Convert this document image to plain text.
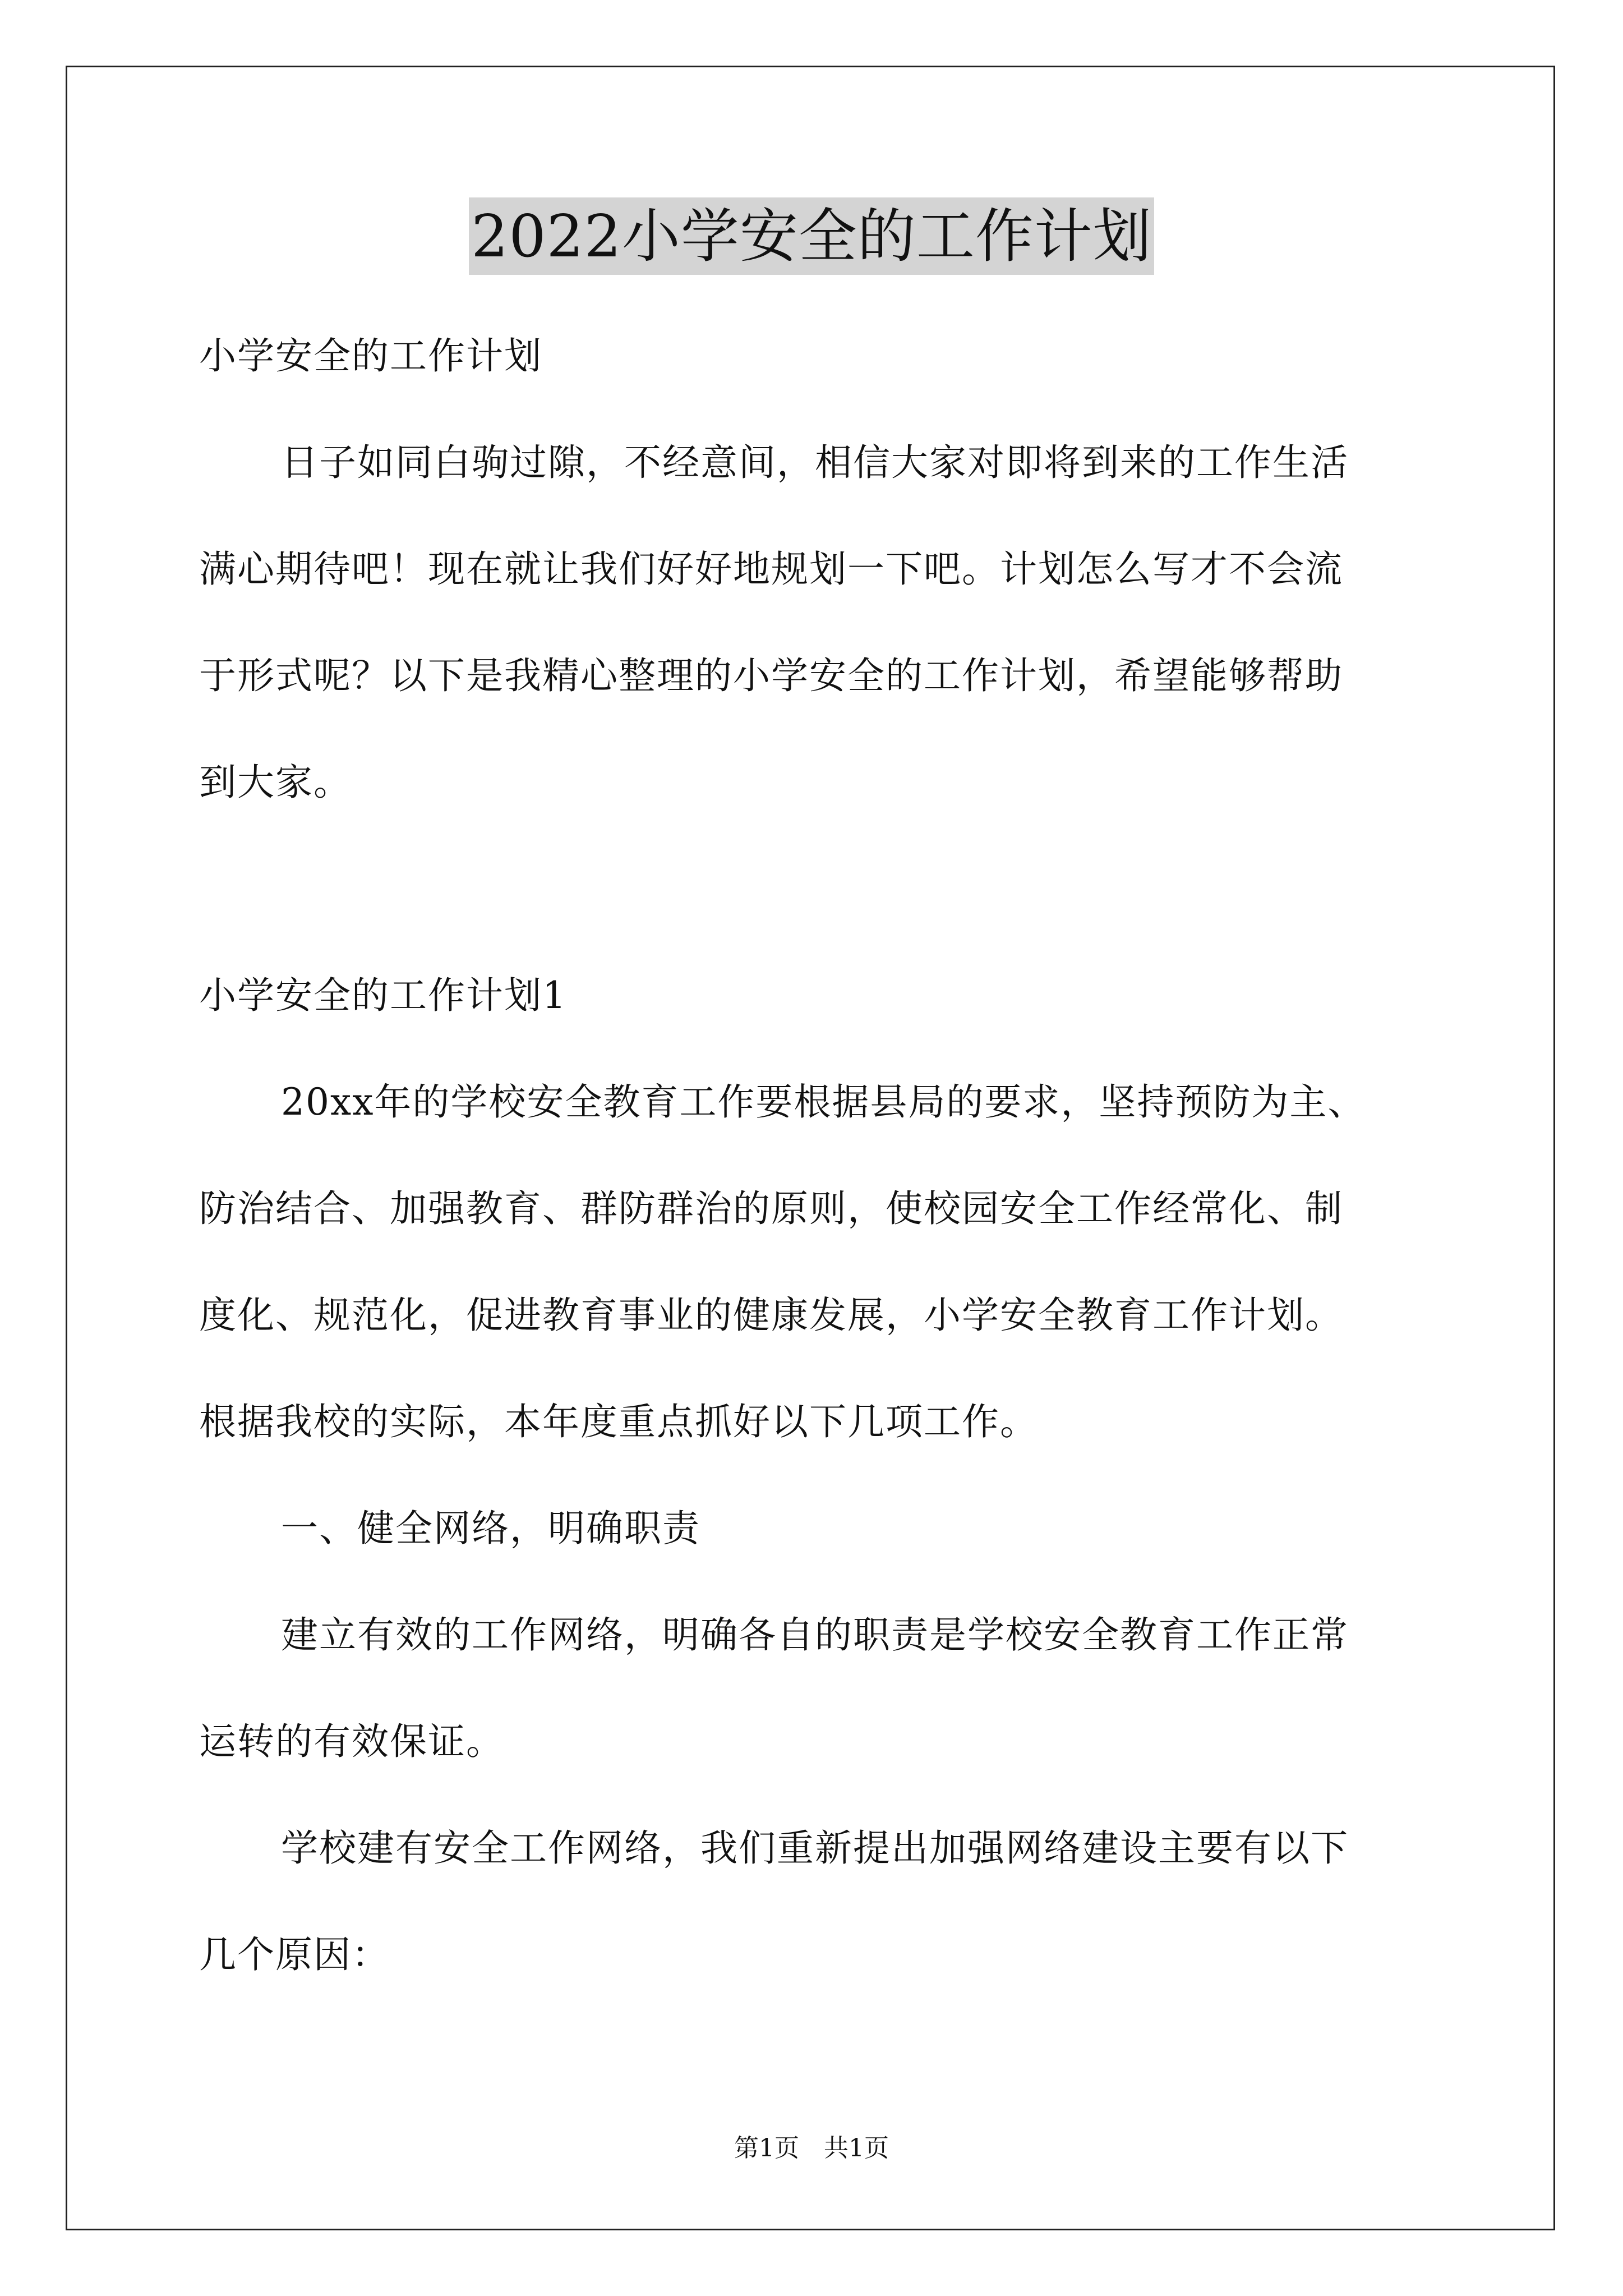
2022小学安全的工作计划
小学安全的工作计划
日子如同白驹过隙，不经意间，相信大家对即将到来的工作生活
满心期待吧！现在就让我们好好地规划一下吧。计划怎么写才不会流
于形式呢？以下是我精心整理的小学安全的工作计划，希望能够帮助
到大家。
小学安全的工作计划1
20xx年的学校安全教育工作要根据县局的要求，坚持预防为主、
防治结合、加强教育、群防群治的原则，使校园安全工作经常化、制
度化、规范化，促进教育事业的健康发展，小学安全教育工作计划。
根据我校的实际，本年度重点抓好以下几项工作。
一、健全网络，明确职责
建立有效的工作网络，明确各自的职责是学校安全教育工作正常
运转的有效保证。
学校建有安全工作网络，我们重新提出加强网络建设主要有以下
几个原因：
第1页　共1页
